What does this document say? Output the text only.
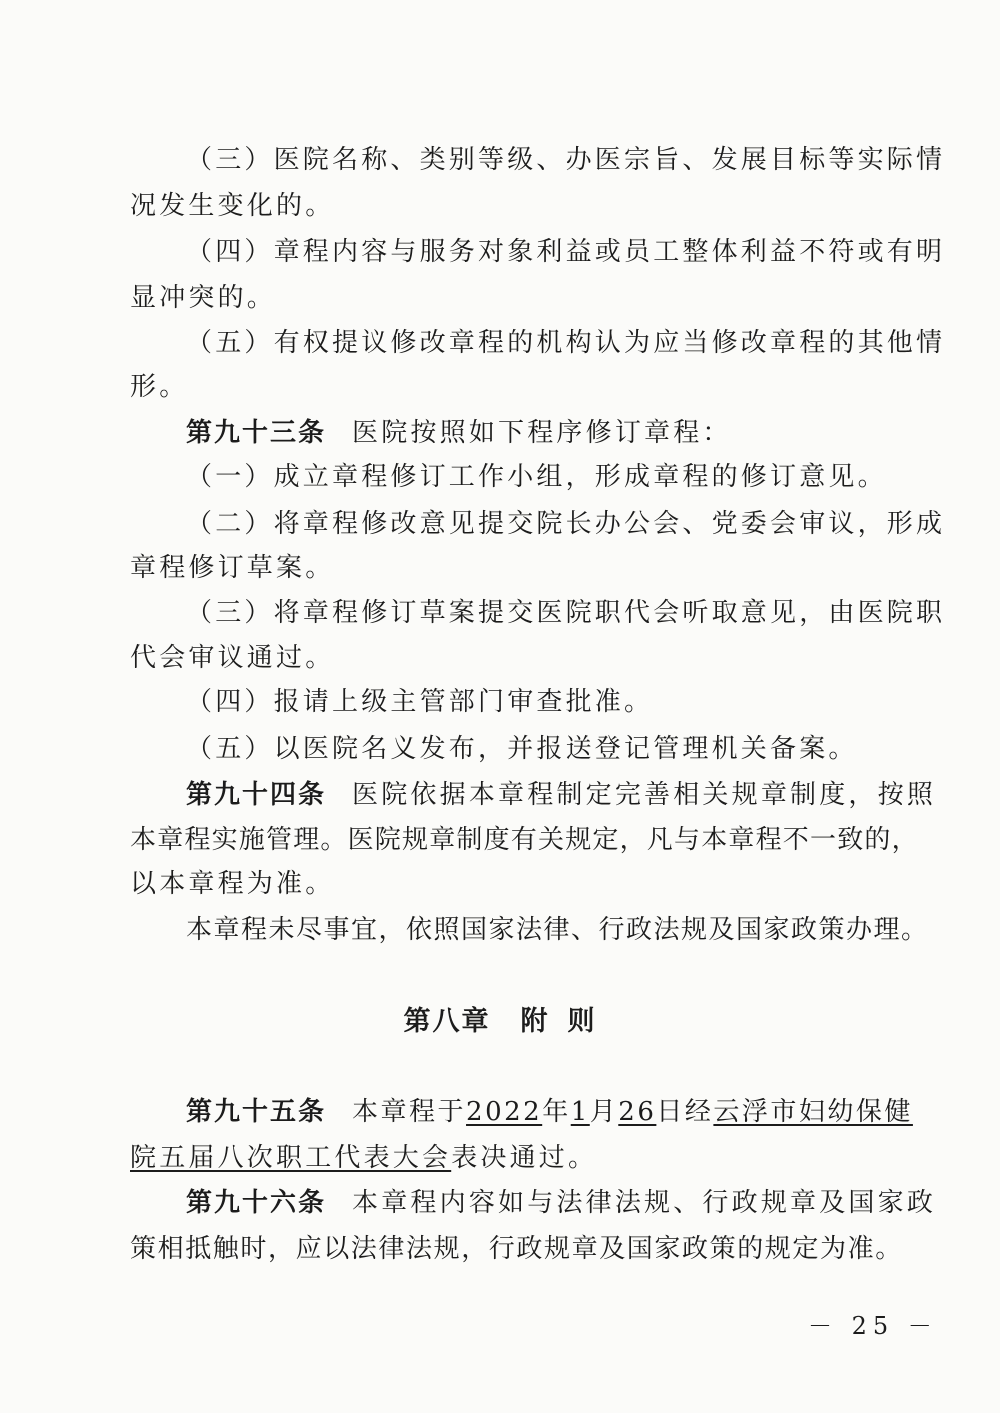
（三）医院名称、类别等级、办医宗旨、发展目标等实际情
况发生变化的。
（四）章程内容与服务对象利益或员工整体利益不符或有明
显冲突的。
（五）有权提议修改章程的机构认为应当修改章程的其他情
形。
第九十三条 医院按照如下程序修订章程：
（一）成立章程修订工作小组，形成章程的修订意见。
（二）将章程修改意见提交院长办公会、党委会审议，形成
章程修订草案。
（三）将章程修订草案提交医院职代会听取意见，由医院职
代会审议通过。
（四）报请上级主管部门审查批准。
（五）以医院名义发布，并报送登记管理机关备案。
第九十四条 医院依据本章程制定完善相关规章制度，按照
本章程实施管理。医院规章制度有关规定，凡与本章程不一致的，
以本章程为准。
本章程未尽事宜，依照国家法律、行政法规及国家政策办理。
第八章 附 则
第九十五条 本章程于2022年1月26日经云浮市妇幼保健
院五届八次职工代表大会表决通过。
第九十六条 本章程内容如与法律法规、行政规章及国家政
策相抵触时，应以法律法规，行政规章及国家政策的规定为准。
－ 25 －
